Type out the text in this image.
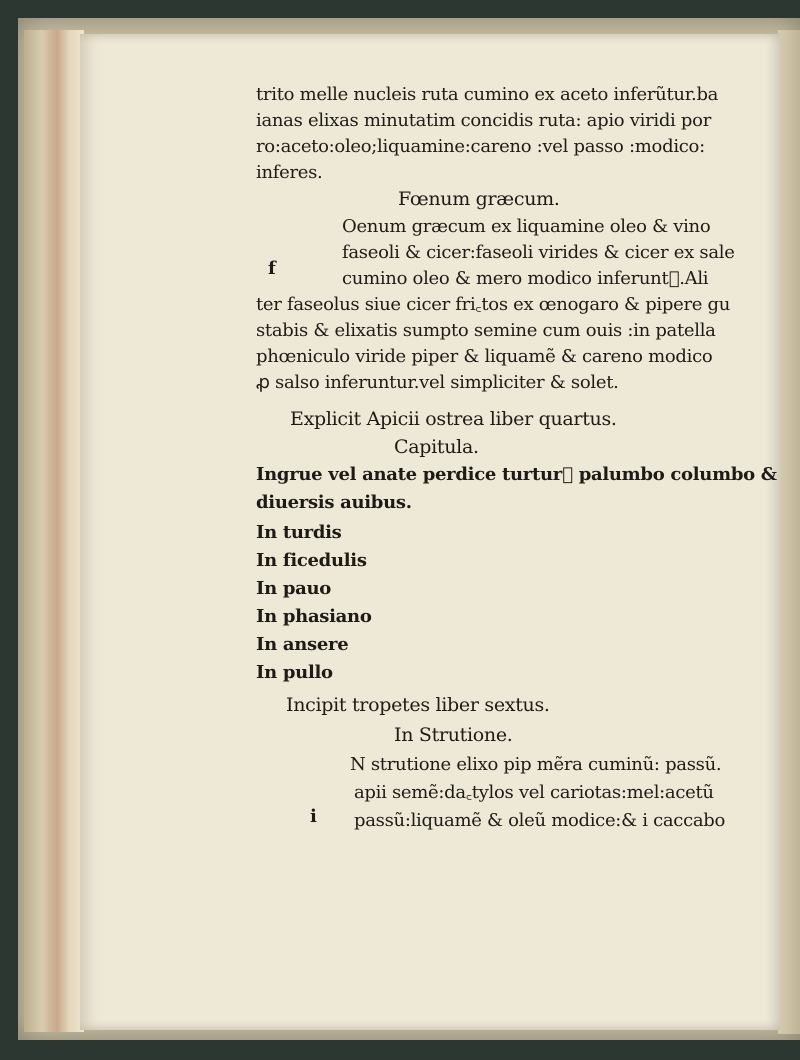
f
i
trito melle nucleis ruta cumino ex aceto inferũtur.ba
ianas elixas minutatim concidis ruta: apio viridi por
ro:aceto:oleo;liquamine:careno :vel passo :modico:
inferes.
Fœnum græcum.
Oenum græcum ex liquamine oleo & vino
faseoli & cicer:faseoli virides & cicer ex sale
cumino oleo & mero modico inferunt᷑.Ali
ter faseolus siue cicer fri꜀tos ex œnogaro & pipere gu
stabis & elixatis sumpto semine cum ouis :in patella
phœniculo viride piper & liquamẽ & careno modico
ꝓ salso inferuntur.vel simpliciter & solet.
Explicit Apicii ostrea liber quartus.
Capitula.
Ingrue vel anate perdice turtur᷑ palumbo columbo &
diuersis auibus.
In turdis
In ficedulis
In pauo
In phasiano
In ansere
In pullo
Incipit tropetes liber sextus.
In Strutione.
N strutione elixo pip mẽra cuminũ: passũ.
apii semẽ:da꜀tylos vel cariotas:mel:acetũ
passũ:liquamẽ & oleũ modice:& i caccabo
